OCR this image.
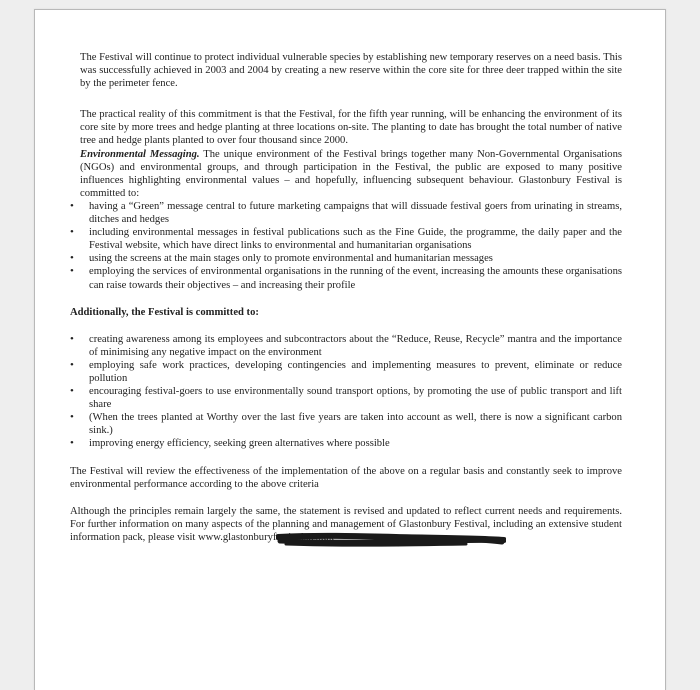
The Festival will continue to protect individual vulnerable species by establishing new temporary reserves on a need basis. This was successfully achieved in 2003 and 2004 by creating a new reserve within the core site for three deer trapped within the site by the perimeter fence.

The practical reality of this commitment is that the Festival, for the fifth year running, will be enhancing the environment of its core site by more trees and hedge planting at three locations on-site. The planting to date has brought the total number of native tree and hedge plants planted to over four thousand since 2000.

Environmental Messaging. The unique environment of the Festival brings together many Non-Governmental Organisations (NGOs) and environmental groups, and through participation in the Festival, the public are exposed to many positive influences highlighting environmental values – and hopefully, influencing subsequent behaviour. Glastonbury Festival is committed to:

• having a “Green” message central to future marketing campaigns that will dissuade festival goers from urinating in streams, ditches and hedges
• including environmental messages in festival publications such as the Fine Guide, the programme, the daily paper and the Festival website, which have direct links to environmental and humanitarian organisations
• using the screens at the main stages only to promote environmental and humanitarian messages
• employing the services of environmental organisations in the running of the event, increasing the amounts these organisations can raise towards their objectives – and increasing their profile

Additionally, the Festival is committed to:

• creating awareness among its employees and subcontractors about the “Reduce, Reuse, Recycle” mantra and the importance of minimising any negative impact on the environment
• employing safe work practices, developing contingencies and implementing measures to prevent, eliminate or reduce pollution
• encouraging festival-goers to use environmentally sound transport options, by promoting the use of public transport and lift share
• (When the trees planted at Worthy over the last five years are taken into account as well, there is now a significant carbon sink.)
• improving energy efficiency, seeking green alternatives where possible

The Festival will review the effectiveness of the implementation of the above on a regular basis and constantly seek to improve environmental performance according to the above criteria

Although the principles remain largely the same, the statement is revised and updated to reflect current needs and requirements. For further information on many aspects of the planning and management of Glastonbury Festival, including an extensive student information pack, please visit www.glastonburyfestivals.co.uk
